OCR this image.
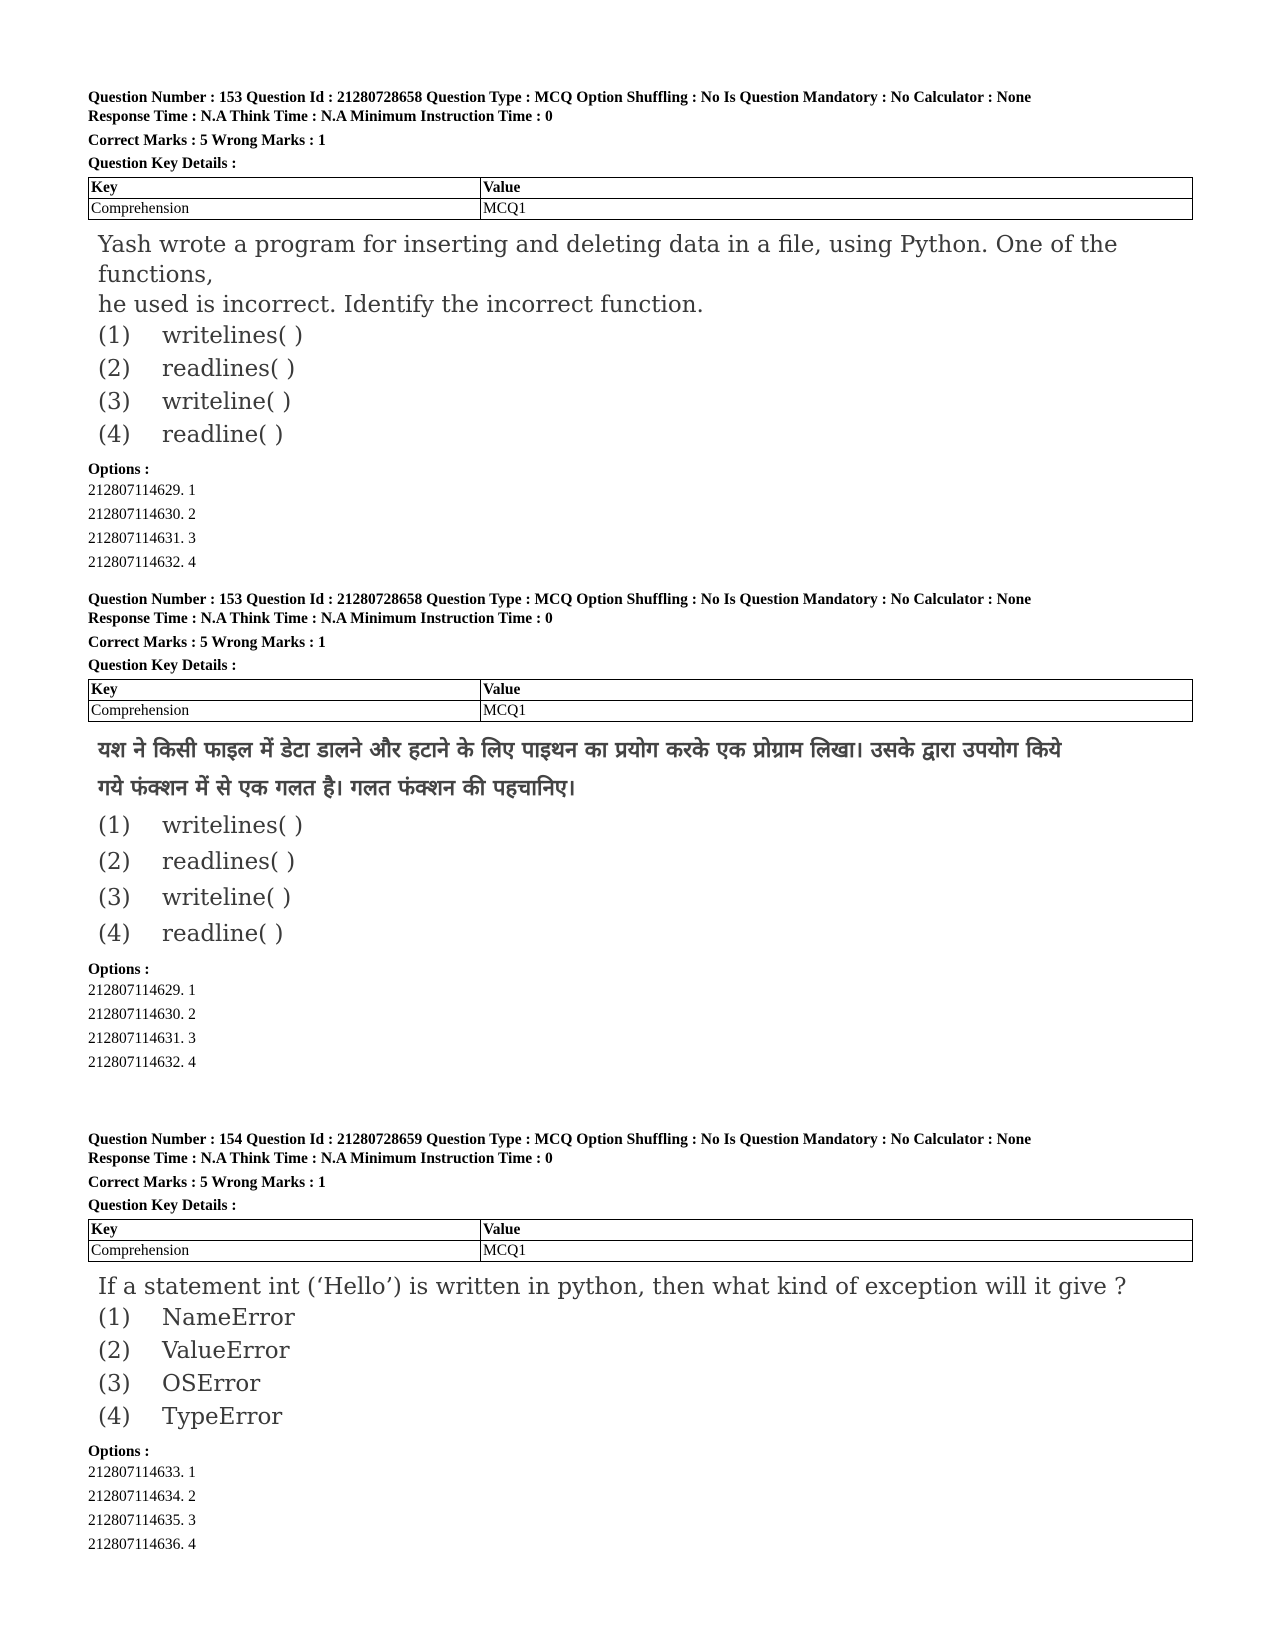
Question Number : 153 Question Id : 21280728658 Question Type : MCQ Option Shuffling : No Is Question Mandatory : No Calculator : None
Response Time : N.A Think Time : N.A Minimum Instruction Time : 0
Correct Marks : 5 Wrong Marks : 1
Question Key Details :
Key	Value
Comprehension	MCQ1
Yash wrote a program for inserting and deleting data in a file, using Python. One of the functions,
he used is incorrect. Identify the incorrect function.
(1)	writelines( )
(2)	readlines( )
(3)	writeline( )
(4)	readline( )
Options :
212807114629. 1
212807114630. 2
212807114631. 3
212807114632. 4
Question Number : 153 Question Id : 21280728658 Question Type : MCQ Option Shuffling : No Is Question Mandatory : No Calculator : None
Response Time : N.A Think Time : N.A Minimum Instruction Time : 0
Correct Marks : 5 Wrong Marks : 1
Question Key Details :
Key	Value
Comprehension	MCQ1
यश ने किसी फाइल में डेटा डालने और हटाने के लिए पाइथन का प्रयोग करके एक प्रोग्राम लिखा। उसके द्वारा उपयोग किये
गये फंक्शन में से एक गलत है। गलत फंक्शन की पहचानिए।
(1)	writelines( )
(2)	readlines( )
(3)	writeline( )
(4)	readline( )
Options :
212807114629. 1
212807114630. 2
212807114631. 3
212807114632. 4
Question Number : 154 Question Id : 21280728659 Question Type : MCQ Option Shuffling : No Is Question Mandatory : No Calculator : None
Response Time : N.A Think Time : N.A Minimum Instruction Time : 0
Correct Marks : 5 Wrong Marks : 1
Question Key Details :
Key	Value
Comprehension	MCQ1
If a statement int (‘Hello’) is written in python, then what kind of exception will it give ?
(1)	NameError
(2)	ValueError
(3)	OSError
(4)	TypeError
Options :
212807114633. 1
212807114634. 2
212807114635. 3
212807114636. 4
